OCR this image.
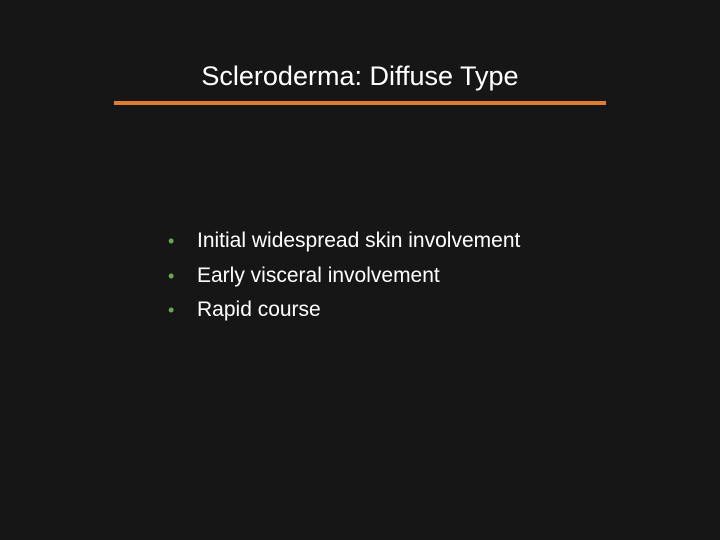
Scleroderma: Diffuse Type
• Initial widespread skin involvement
• Early visceral involvement
• Rapid course
